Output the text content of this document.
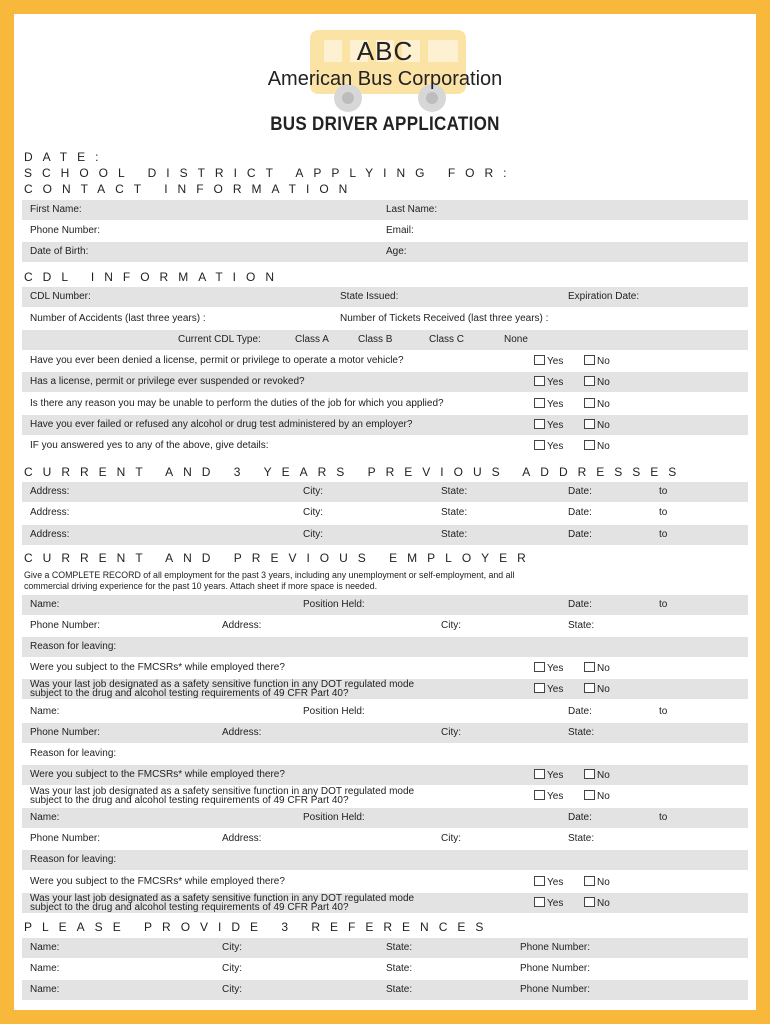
ABC
American Bus Corporation
BUS DRIVER APPLICATION
DATE:
SCHOOL DISTRICT APPLYING FOR:
CONTACT INFORMATION
First Name:	Last Name:
Phone Number:	Email:
Date of Birth:	Age:
CDL INFORMATION
CDL Number:	State Issued:	Expiration Date:
Number of Accidents (last three years) :	Number of Tickets Received (last three years) :
Current CDL Type:	Class A	Class B	Class C	None
Have you ever been denied a license, permit or privilege to operate a motor vehicle?	Yes	No
Has a license, permit or privilege ever suspended or revoked?	Yes	No
Is there any reason you may be unable to perform the duties of the job for which you applied?	Yes	No
Have you ever failed or refused any alcohol or drug test administered by an employer?	Yes	No
IF you answered yes to any of the above, give details:	Yes	No
CURRENT AND 3 YEARS PREVIOUS ADDRESSES
Address:	City:	State:	Date:	to
Address:	City:	State:	Date:	to
Address:	City:	State:	Date:	to
CURRENT AND PREVIOUS EMPLOYER
Give a COMPLETE RECORD of all employment for the past 3 years, including any unemployment or self-employment, and all commercial driving experience for the past 10 years. Attach sheet if more space is needed.
Name:	Position Held:	Date:	to
Phone Number:	Address:	City:	State:
Reason for leaving:
Were you subject to the FMCSRs* while employed there?	Yes	No
Was your last job designated as a safety sensitive function in any DOT regulated mode
subject to the drug and alcohol testing requirements of 49 CFR Part 40?	Yes	No
Name:	Position Held:	Date:	to
Phone Number:	Address:	City:	State:
Reason for leaving:
Were you subject to the FMCSRs* while employed there?	Yes	No
Was your last job designated as a safety sensitive function in any DOT regulated mode
subject to the drug and alcohol testing requirements of 49 CFR Part 40?	Yes	No
Name:	Position Held:	Date:	to
Phone Number:	Address:	City:	State:
Reason for leaving:
Were you subject to the FMCSRs* while employed there?	Yes	No
Was your last job designated as a safety sensitive function in any DOT regulated mode
subject to the drug and alcohol testing requirements of 49 CFR Part 40?	Yes	No
PLEASE PROVIDE 3 REFERENCES
Name:	City:	State:	Phone Number:
Name:	City:	State:	Phone Number:
Name:	City:	State:	Phone Number:
